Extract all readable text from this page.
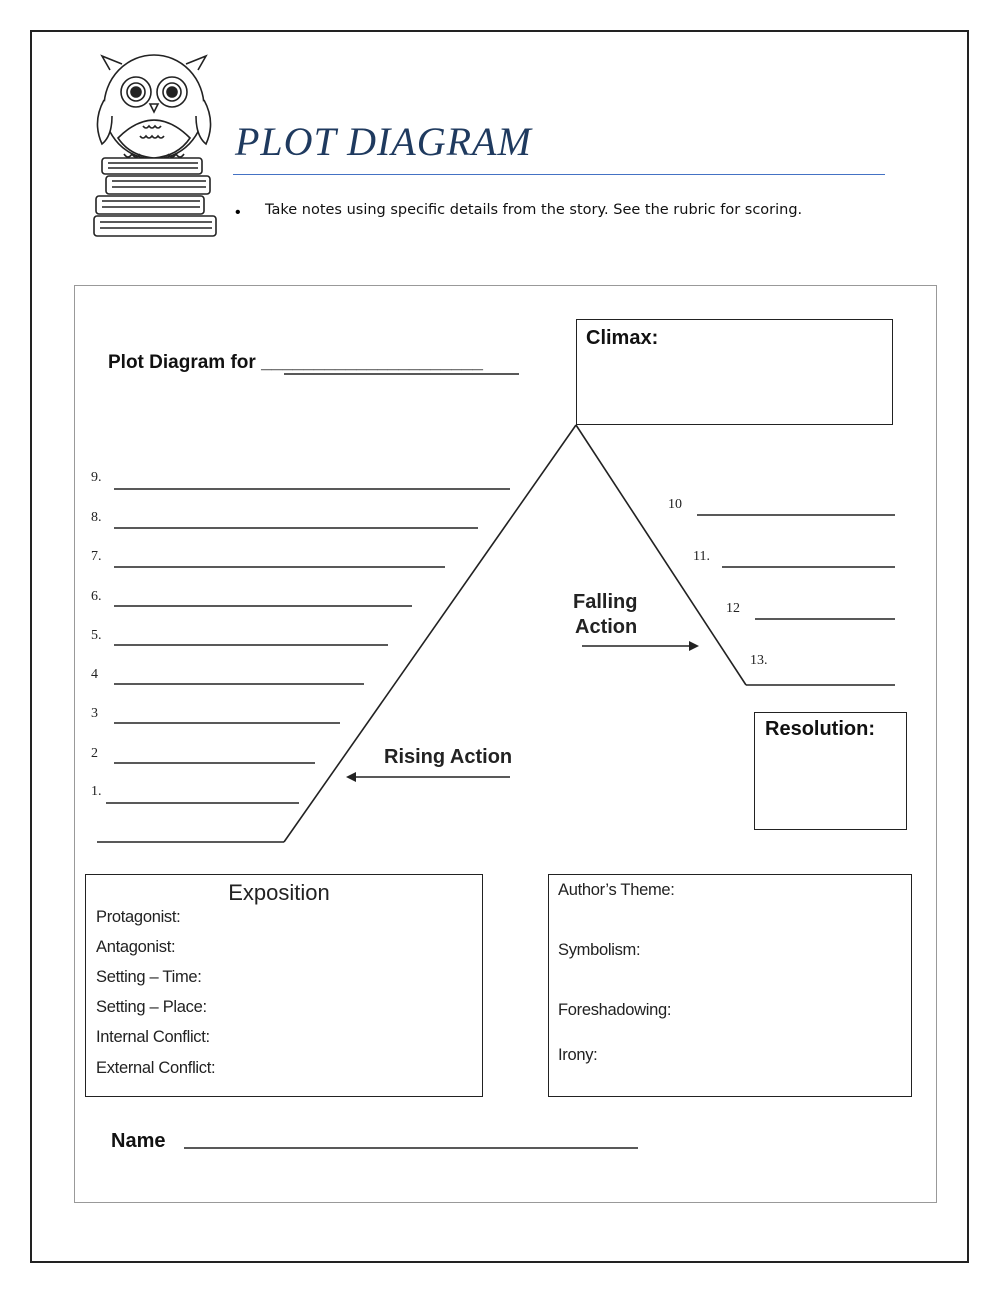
PLOT DIAGRAM
• Take notes using specific details from the story. See the rubric for scoring.
Plot Diagram for _____________________
Climax:
Resolution:
Falling
Action
Rising Action
1.
2
3
4
5.
6.
7.
8.
9.
10
11.
12
13.
Exposition
Protagonist:
Antagonist:
Setting – Time:
Setting – Place:
Internal Conflict:
External Conflict:
Author’s Theme:
Symbolism:
Foreshadowing:
Irony:
Name
